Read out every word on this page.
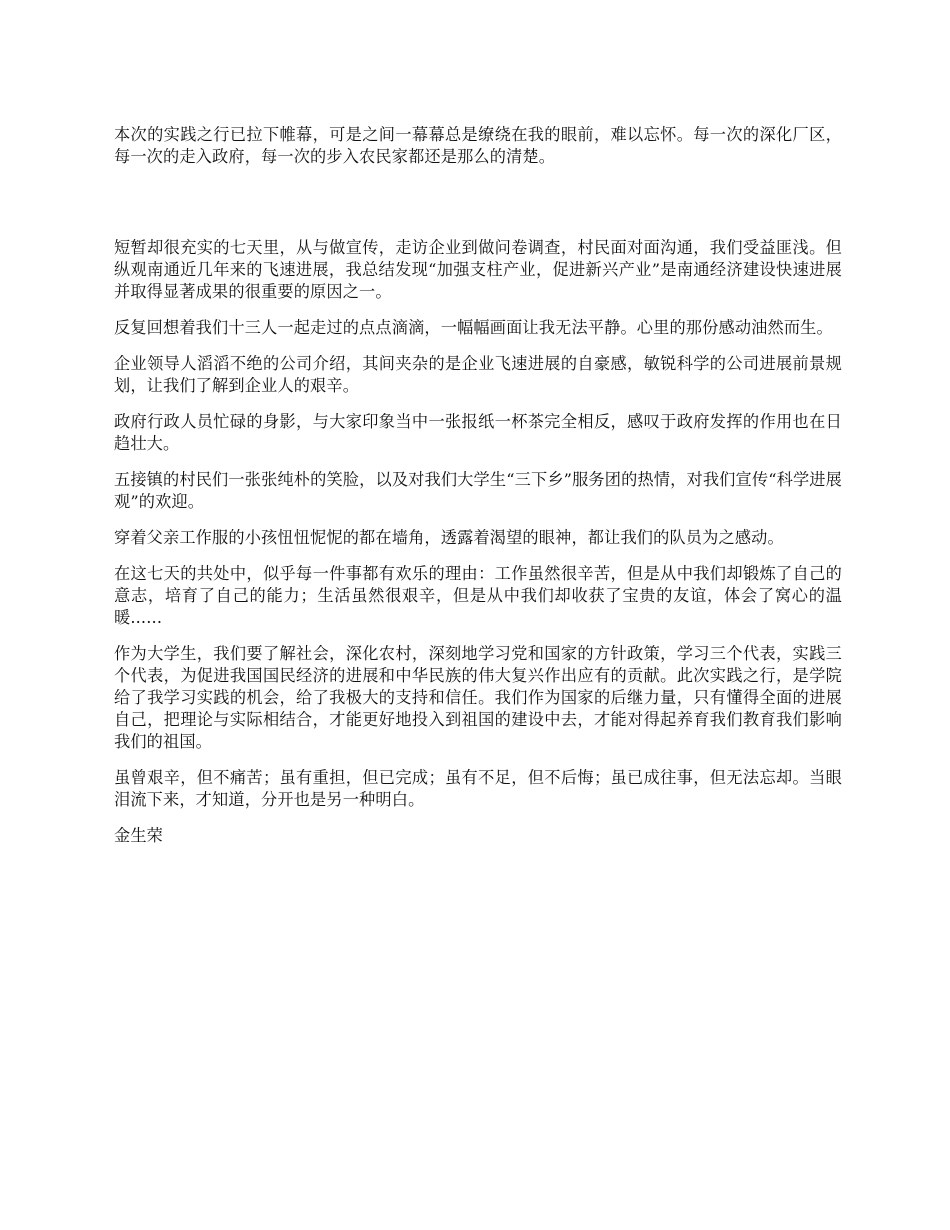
本次的实践之行已拉下帷幕，可是之间一幕幕总是缭绕在我的眼前，难以忘怀。每一次的深化厂区，每一次的走入政府，每一次的步入农民家都还是那么的清楚。

短暂却很充实的七天里，从与做宣传，走访企业到做问卷调查，村民面对面沟通，我们受益匪浅。但纵观南通近几年来的飞速进展，我总结发现“加强支柱产业，促进新兴产业”是南通经济建设快速进展并取得显著成果的很重要的原因之一。

反复回想着我们十三人一起走过的点点滴滴，一幅幅画面让我无法平静。心里的那份感动油然而生。

企业领导人滔滔不绝的公司介绍，其间夹杂的是企业飞速进展的自豪感，敏锐科学的公司进展前景规划，让我们了解到企业人的艰辛。

政府行政人员忙碌的身影，与大家印象当中一张报纸一杯茶完全相反，感叹于政府发挥的作用也在日趋壮大。

五接镇的村民们一张张纯朴的笑脸，以及对我们大学生“三下乡”服务团的热情，对我们宣传“科学进展观”的欢迎。

穿着父亲工作服的小孩忸忸怩怩的都在墙角，透露着渴望的眼神，都让我们的队员为之感动。

在这七天的共处中，似乎每一件事都有欢乐的理由：工作虽然很辛苦，但是从中我们却锻炼了自己的意志，培育了自己的能力；生活虽然很艰辛，但是从中我们却收获了宝贵的友谊，体会了窝心的温暖......

作为大学生，我们要了解社会，深化农村，深刻地学习党和国家的方针政策，学习三个代表，实践三个代表，为促进我国国民经济的进展和中华民族的伟大复兴作出应有的贡献。此次实践之行，是学院给了我学习实践的机会，给了我极大的支持和信任。我们作为国家的后继力量，只有懂得全面的进展自己，把理论与实际相结合，才能更好地投入到祖国的建设中去，才能对得起养育我们教育我们影响我们的祖国。

虽曾艰辛，但不痛苦；虽有重担，但已完成；虽有不足，但不后悔；虽已成往事，但无法忘却。当眼泪流下来，才知道，分开也是另一种明白。

金生荣
